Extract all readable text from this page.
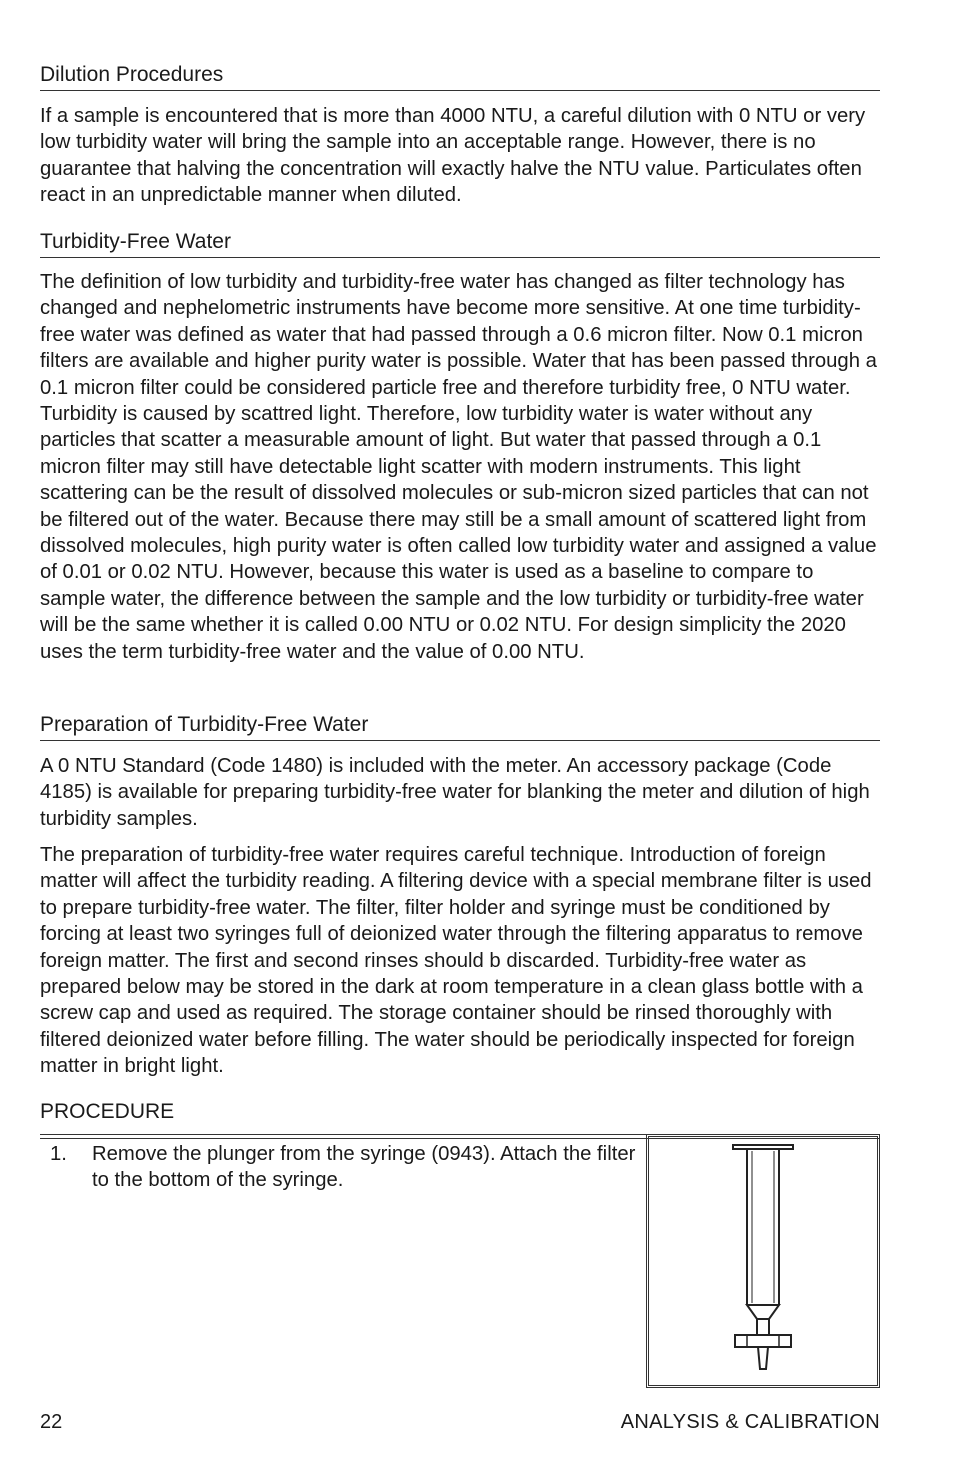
Dilution Procedures

If a sample is encountered that is more than 4000 NTU, a careful dilution with 0 NTU or very low turbidity water will bring the sample into an acceptable range. However, there is no guarantee that halving the concentration will exactly halve the NTU value. Particulates often react in an unpredictable manner when diluted.

Turbidity-Free Water

The definition of low turbidity and turbidity-free water has changed as filter technology has changed and nephelometric instruments have become more sensitive. At one time turbidity-free water was defined as water that had passed through a 0.6 micron filter. Now 0.1 micron filters are available and higher purity water is possible. Water that has been passed through a 0.1 micron filter could be considered particle free and therefore turbidity free, 0 NTU water. Turbidity is caused by scattred light. Therefore, low turbidity water is water without any particles that scatter a measurable amount of light. But water that passed through a 0.1 micron filter may still have detectable light scatter with modern instruments. This light scattering can be the result of dissolved molecules or sub-micron sized particles that can not be filtered out of the water. Because there may still be a small amount of scattered light from dissolved molecules, high purity water is often called low turbidity water and assigned a value of 0.01 or 0.02 NTU. However, because this water is used as a baseline to compare to sample water, the difference between the sample and the low turbidity or turbidity-free water will be the same whether it is called 0.00 NTU or 0.02 NTU. For design simplicity the 2020 uses the term turbidity-free water and the value of 0.00 NTU.

Preparation of Turbidity-Free Water

A 0 NTU Standard (Code 1480) is included with the meter. An accessory package (Code 4185) is available for preparing turbidity-free water for blanking the meter and dilution of high turbidity samples.

The preparation of turbidity-free water requires careful technique. Introduction of foreign matter will affect the turbidity reading. A filtering device with a special membrane filter is used to prepare turbidity-free water. The filter, filter holder and syringe must be conditioned by forcing at least two syringes full of deionized water through the filtering apparatus to remove foreign matter. The first and second rinses should b discarded. Turbidity-free water as prepared below may be stored in the dark at room temperature in a clean glass bottle with a screw cap and used as required. The storage container should be rinsed thoroughly with filtered deionized water before filling. The water should be periodically inspected for foreign matter in bright light.

PROCEDURE
1. Remove the plunger from the syringe (0943). Attach the filter to the bottom of the syringe.
22	ANALYSIS & CALIBRATION
